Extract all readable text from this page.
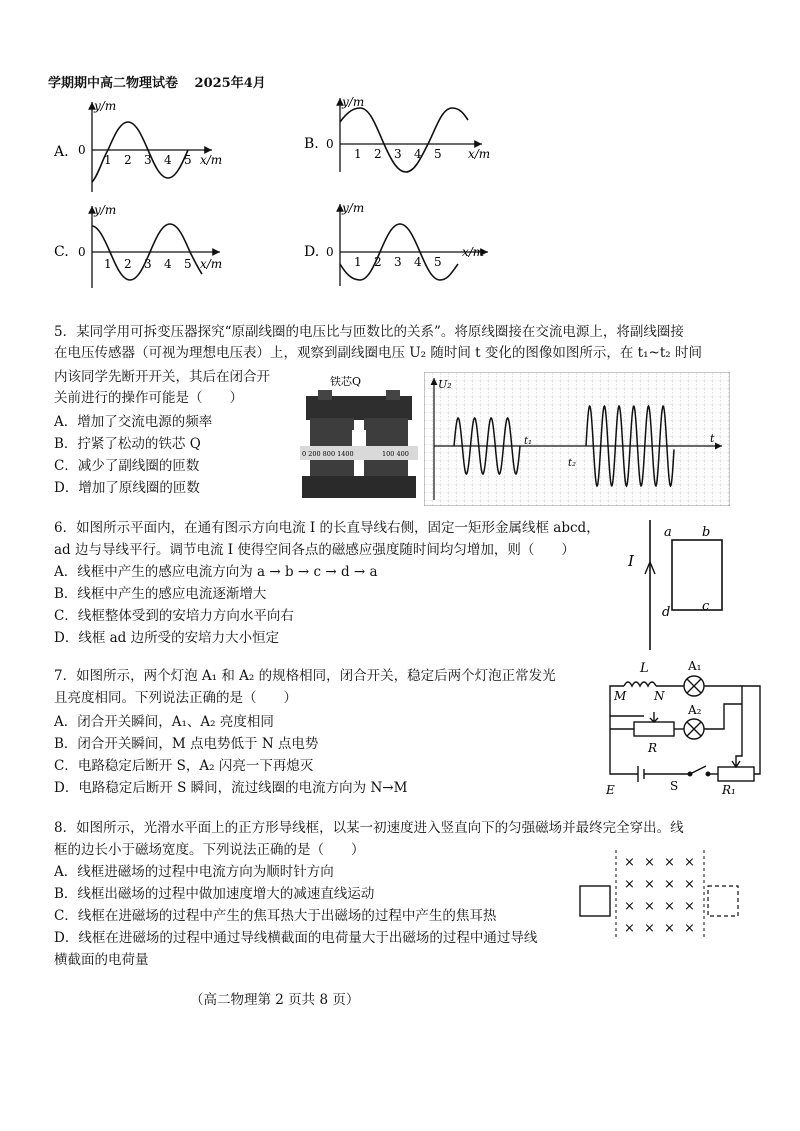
学期期中高二物理试卷 2025年4月
A.
y/m
x/m
0
1 2 3 4 5
B.
y/m
x/m
0
1 2 3 4 5
C.
y/m
x/m
0
1 2 3 4 5
D.
y/m
x/m
0
1 2 3 4 5
5．某同学用可拆变压器探究“原副线圈的电压比与匝数比的关系”。将原线圈接在交流电源上，将副线圈接
在电压传感器（可视为理想电压表）上，观察到副线圈电压 U₂ 随时间 t 变化的图像如图所示，在 t₁~t₂ 时间
内该同学先断开开关，其后在闭合开
关前进行的操作可能是（　　）
A．增加了交流电源的频率
B．拧紧了松动的铁芯 Q
C．减少了副线圈的匝数
D．增加了原线圈的匝数
铁芯Q
0 200 800 1400	100 400
U₂
t
t₁
t₂
6．如图所示平面内，在通有图示方向电流 I 的长直导线右侧，固定一矩形金属线框 abcd，
ad 边与导线平行。调节电流 I 使得空间各点的磁感应强度随时间均匀增加，则（　　）
A．线框中产生的感应电流方向为 a → b → c → d → a
B．线框中产生的感应电流逐渐增大
C．线框整体受到的安培力方向水平向右
D．线框 ad 边所受的安培力大小恒定
I
a b
c
d
7．如图所示，两个灯泡 A₁ 和 A₂ 的规格相同，闭合开关，稳定后两个灯泡正常发光
且亮度相同。下列说法正确的是（　　）
A．闭合开关瞬间，A₁、A₂ 亮度相同
B．闭合开关瞬间，M 点电势低于 N 点电势
C．电路稳定后断开 S，A₂ 闪亮一下再熄灭
D．电路稳定后断开 S 瞬间，流过线圈的电流方向为 N→M
L
M N
A₁
A₂
R
E	S	R₁
8．如图所示，光滑水平面上的正方形导线框，以某一初速度进入竖直向下的匀强磁场并最终完全穿出。线
框的边长小于磁场宽度。下列说法正确的是（　　）
A．线框进磁场的过程中电流方向为顺时针方向
B．线框出磁场的过程中做加速度增大的减速直线运动
C．线框在进磁场的过程中产生的焦耳热大于出磁场的过程中产生的焦耳热
D．线框在进磁场的过程中通过导线横截面的电荷量大于出磁场的过程中通过导线
横截面的电荷量
× × × ×
× × × ×
× × × ×
× × × ×
（高二物理第 2 页共 8 页）
